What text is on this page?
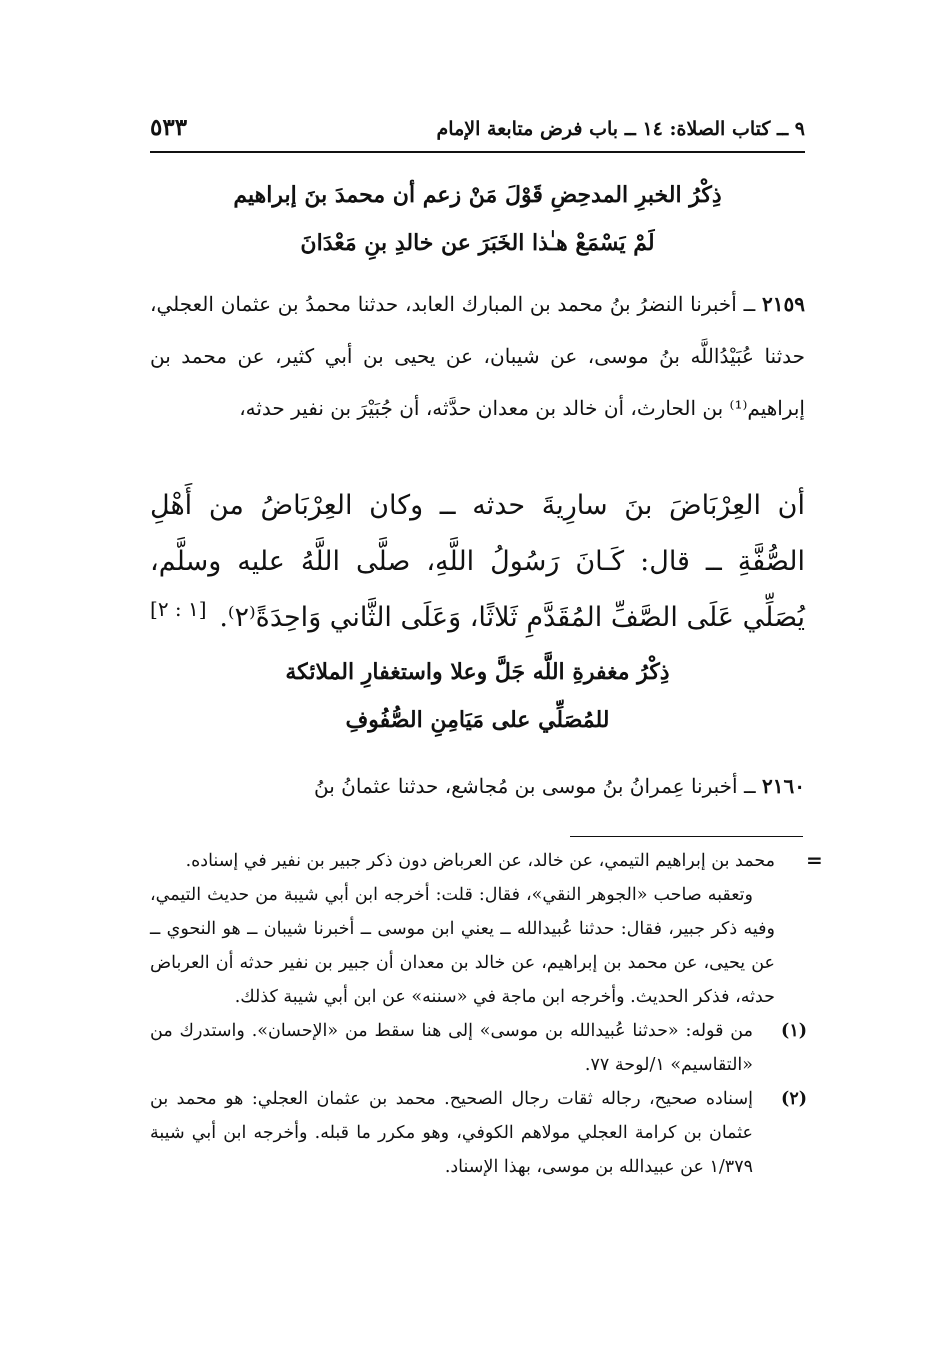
٩ ــ كتاب الصلاة: ١٤ ــ باب فرض متابعة الإمام
٥٣٣
ذِكْرُ الخبرِ المدحِضِ قَوْلَ مَنْ زعم أن محمدَ بنَ إبراهيم
لَمْ يَسْمَعْ هـٰذا الخَبَرَ عن خالدِ بنِ مَعْدَانَ
٢١٥٩ ــ أخبرنا النضرُ بنُ محمد بن المبارك العابد، حدثنا محمدُ بن عثمان العجلي، حدثنا عُبَيْدُاللَّه بنُ موسى، عن شيبان، عن يحيى بن أبي كثير، عن محمد بن إبراهيم⁽¹⁾ بن الحارث، أن خالد بن معدان حدَّثه، أن جُبَيْرَ بن نفير حدثه،
أن العِرْبَاضَ بنَ سارِيةَ حدثه ــ وكان العِرْبَاضُ من أَهْلِ الصُّفَّةِ ــ قال: كَـانَ رَسُولُ اللَّهِ، صلَّى اللَّهُ عليه وسلَّم، يُصَلِّي عَلَى الصَّفِّ المُقَدَّمِ ثَلاثًا، وَعَلَى الثَّاني وَاحِدَةً⁽٢⁾.
[١ : ٢]
ذِكْرُ مغفرةِ اللَّه جَلَّ وعلا واستغفارِ الملائكة
للمُصَلِّي على مَيَامِنِ الصُّفُوفِ
٢١٦٠ ــ أخبرنا عِمرانُ بنُ موسى بن مُجاشع، حدثنا عثمانُ بنُ
=

محمد بن إبراهيم التيمي، عن خالد، عن العرباض دون ذكر جبير بن نفير في إسناده.

وتعقبه صاحب «الجوهر النقي»، فقال: قلت: أخرجه ابن أبي شيبة من حديث التيمي، وفيه ذكر جبير، فقال: حدثنا عُبيدالله ــ يعني ابن موسى ــ أخبرنا شيبان ــ هو النحوي ــ عن يحيى، عن محمد بن إبراهيم، عن خالد بن معدان أن جبير بن نفير حدثه أن العرباض حدثه، فذكر الحديث. وأخرجه ابن ماجة في «سننه» عن ابن أبي شيبة كذلك.

(١)
من قوله: «حدثنا عُبيدالله بن موسى» إلى هنا سقط من «الإحسان». واستدرك من «التقاسيم» ١/لوحة ٧٧.

(٢)
إسناده صحيح، رجاله ثقات رجال الصحيح. محمد بن عثمان العجلي: هو محمد بن عثمان بن كرامة العجلي مولاهم الكوفي، وهو مكرر ما قبله. وأخرجه ابن أبي شيبة ١/٣٧٩ عن عبيدالله بن موسى، بهذا الإسناد.
